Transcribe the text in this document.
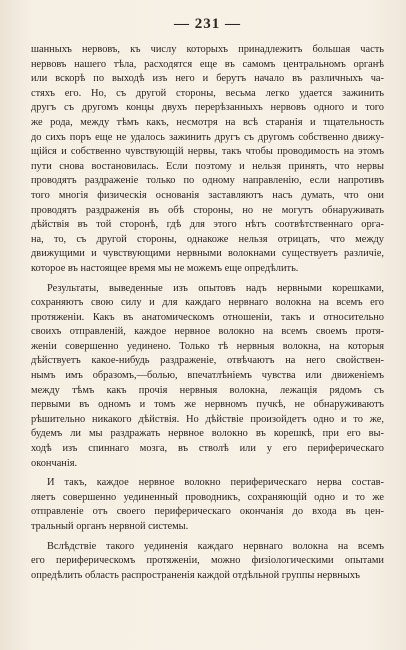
— 231 —
шанныхъ нервовъ, къ числу которыхъ принадлежитъ большая часть
нервовъ нашего тѣла, расходятся еще въ самомъ центральномъ органѣ
или вскорѣ по выходѣ изъ него и берутъ начало въ различныхъ ча-
стяхъ его. Но, съ другой стороны, весьма легко удается зажинить
другъ съ другомъ концы двухъ перерѣзанныхъ нервовъ одного и того
же рода, между тѣмъ какъ, несмотря на всѣ старанія и тщательность
до сихъ поръ еще не удалось зажинить другъ съ другомъ собственно движу-
щійся и собственно чувствующій нервы, такъ чтобы проводимость на этомъ
пути снова востановилась. Если поэтому и нельзя принять, что нервы
проводятъ раздраженіе только по одному направленію, если напротивъ
того многія физическія основанія заставляютъ насъ думать, что они
проводятъ раздраженія въ обѣ стороны, но не могутъ обнаруживать
дѣйствія въ той сторонѣ, гдѣ для этого нѣтъ соотвѣтственнаго орга-
на, то, съ другой стороны, однакоже нельзя отрицать, что между
движущими и чувствующими нервными волокнами существуетъ различіе,
которое въ настоящее время мы не можемъ еще опредѣлить.
Результаты, выведенные изъ опытовъ надъ нервными корешками,
сохраняютъ свою силу и для каждаго нервнаго волокна на всемъ его
протяженіи. Какъ въ анатомическомъ отношеніи, такъ и относительно
своихъ отправленій, каждое нервное волокно на всемъ своемъ протя-
женіи совершенно уединено. Только тѣ нервныя волокна, на которыя
дѣйствуетъ какое-нибудь раздраженіе, отвѣчаютъ на него свойствен-
нымъ имъ образомъ,—болью, впечатлѣніемъ чувства или движеніемъ
между тѣмъ какъ прочія нервныя волокна, лежащія рядомъ съ
первыми въ одномъ и томъ же нервномъ пучкѣ, не обнаруживаютъ
рѣшительно никакого дѣйствія. Но дѣйствіе произойдетъ одно и то же,
будемъ ли мы раздражать нервное волокно въ корешкѣ, при его вы-
ходѣ изъ спиннаго мозга, въ стволѣ или у его периферическаго
окончанія.
И такъ, каждое нервное волокно периферическаго нерва состав-
ляетъ совершенно уединенный проводникъ, сохраняющій одно и то же
отправленіе отъ своего периферическаго окончанія до входа въ цен-
тральный органъ нервной системы.
Вслѣдствіе такого уединенія каждаго нервнаго волокна на всемъ
его периферическомъ протяженіи, можно физіологическими опытами
опредѣлить область распространенія каждой отдѣльной группы нервныхъ
